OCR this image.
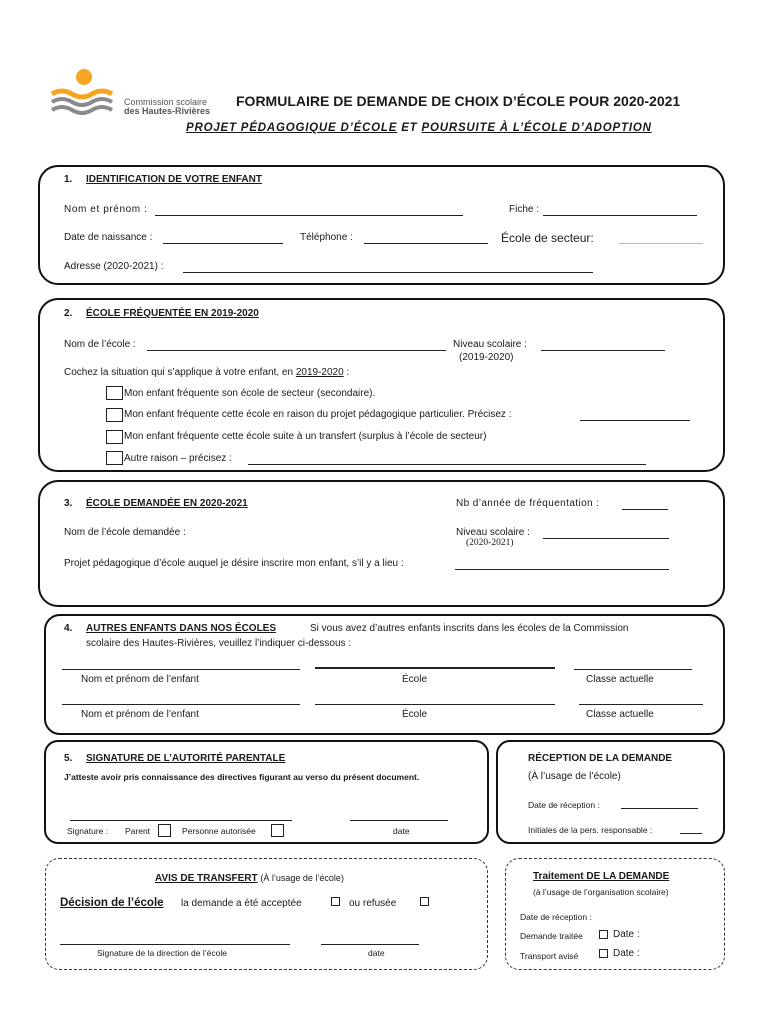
Commission scolaire
des Hautes-Rivières
FORMULAIRE DE DEMANDE DE CHOIX D’ÉCOLE POUR 2020-2021
PROJET PÉDAGOGIQUE D’ÉCOLE ET POURSUITE À L’ÉCOLE D’ADOPTION
1. IDENTIFICATION DE VOTRE ENFANT
Nom et prénom :	Fiche :
Date de naissance :	Téléphone :	École de secteur:
Adresse (2020-2021) :
2. ÉCOLE FRÉQUENTÉE EN 2019-2020
Nom de l’école :	Niveau scolaire :
(2019-2020)
Cochez la situation qui s’applique à votre enfant, en 2019-2020 :
Mon enfant fréquente son école de secteur (secondaire).
Mon enfant fréquente cette école en raison du projet pédagogique particulier. Précisez :
Mon enfant fréquente cette école suite à un transfert (surplus à l’école de secteur)
Autre raison – précisez :
3. ÉCOLE DEMANDÉE EN 2020-2021	Nb d’année de fréquentation :
Nom de l’école demandée :	Niveau scolaire :
(2020-2021)
Projet pédagogique d’école auquel je désire inscrire mon enfant, s’il y a lieu :
4. AUTRES ENFANTS DANS NOS ÉCOLES	Si vous avez d’autres enfants inscrits dans les écoles de la Commission
scolaire des Hautes-Rivières, veuillez l’indiquer ci-dessous :
Nom et prénom de l’enfant	École	Classe actuelle
Nom et prénom de l’enfant	École	Classe actuelle
5. SIGNATURE DE L’AUTORITÉ PARENTALE
J’atteste avoir pris connaissance des directives figurant au verso du présent document.
Signature : Parent	Personne autorisée	date
RÉCEPTION DE LA DEMANDE
(À l’usage de l’école)
Date de réception :
Initiales de la pers. responsable :
AVIS DE TRANSFERT (À l’usage de l’école)
Décision de l’école la demande a été acceptée	ou refusée
Signature de la direction de l’école	date
Traitement DE LA DEMANDE
(à l’usage de l’organisation scolaire)
Date de réception :
Demande traitée	Date :
Transport avisé	Date :
